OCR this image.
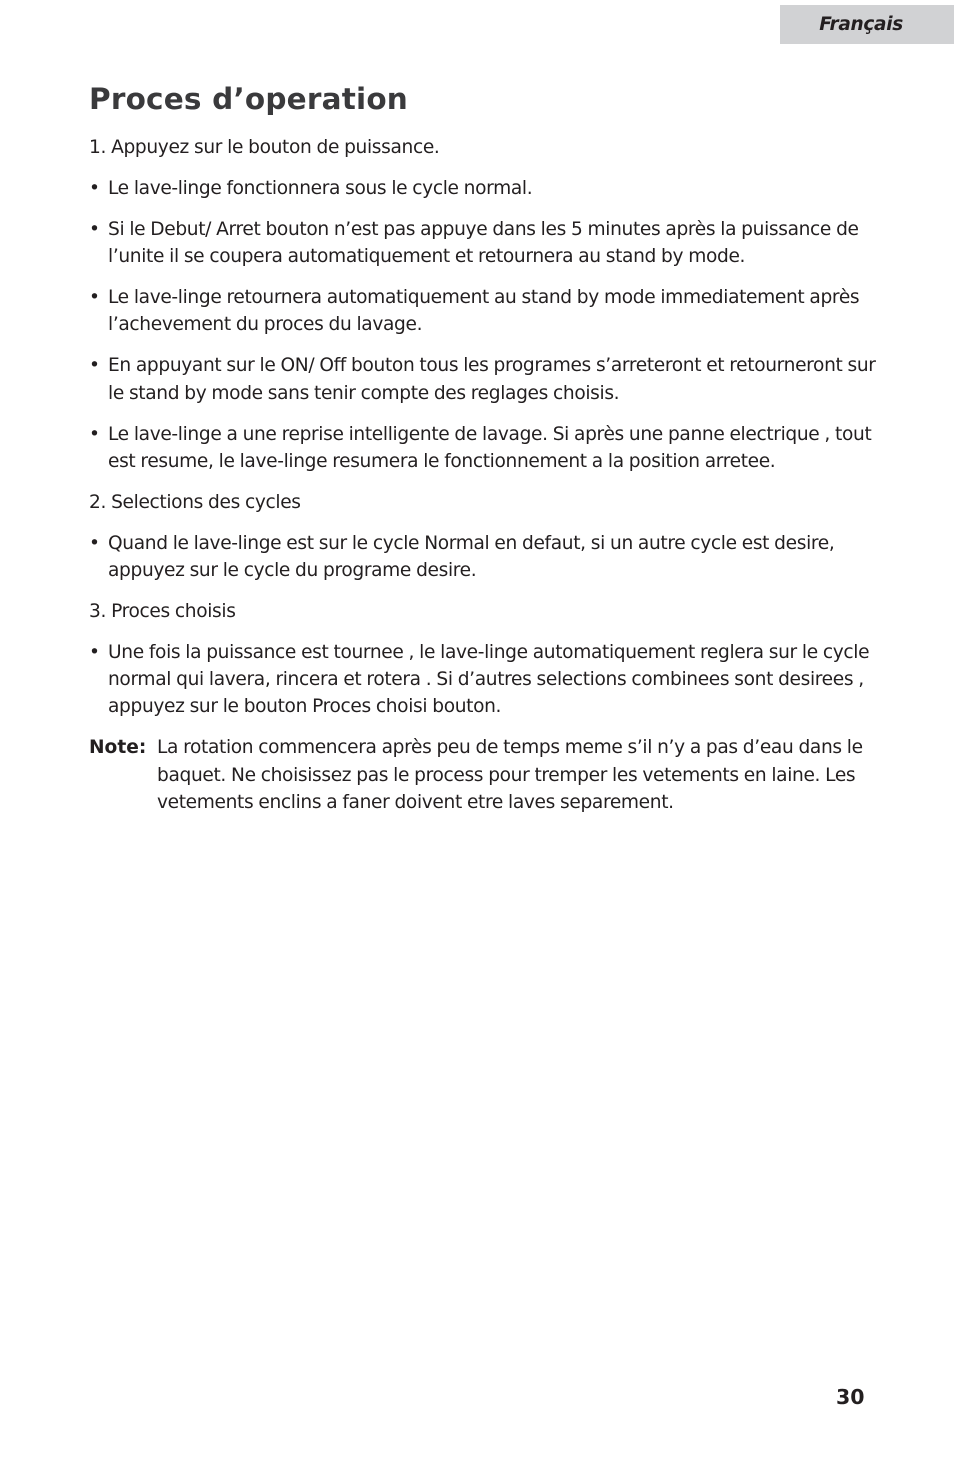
Français
Proces d’operation

1. Appuyez sur le bouton de puissance.

• Le lave-linge fonctionnera sous le cycle normal.

• Si le Debut/ Arret bouton n’est pas appuye dans les 5 minutes après la puissance de l’unite il se coupera automatiquement et retournera au stand by mode.

• Le lave-linge retournera automatiquement au stand by mode immediatement après l’achevement du proces du lavage.

• En appuyant sur le ON/ Off bouton tous les programes s’arreteront et retourneront sur le stand by mode sans tenir compte des reglages choisis.

• Le lave-linge a une reprise intelligente de lavage. Si après une panne electrique , tout est resume, le lave-linge resumera le fonctionnement a la position arretee.

2. Selections des cycles

• Quand le lave-linge est sur le cycle Normal en defaut, si un autre cycle est desire, appuyez sur le cycle du programe desire.

3. Proces choisis

• Une fois la puissance est tournee , le lave-linge automatiquement reglera sur le cycle normal qui lavera, rincera et rotera . Si d’autres selections combinees sont desirees , appuyez sur le bouton Proces choisi bouton.

Note: La rotation commencera après peu de temps meme s’il n’y a pas d’eau dans le baquet. Ne choisissez pas le process pour tremper les vetements en laine. Les vetements enclins a faner doivent etre laves separement.

30
